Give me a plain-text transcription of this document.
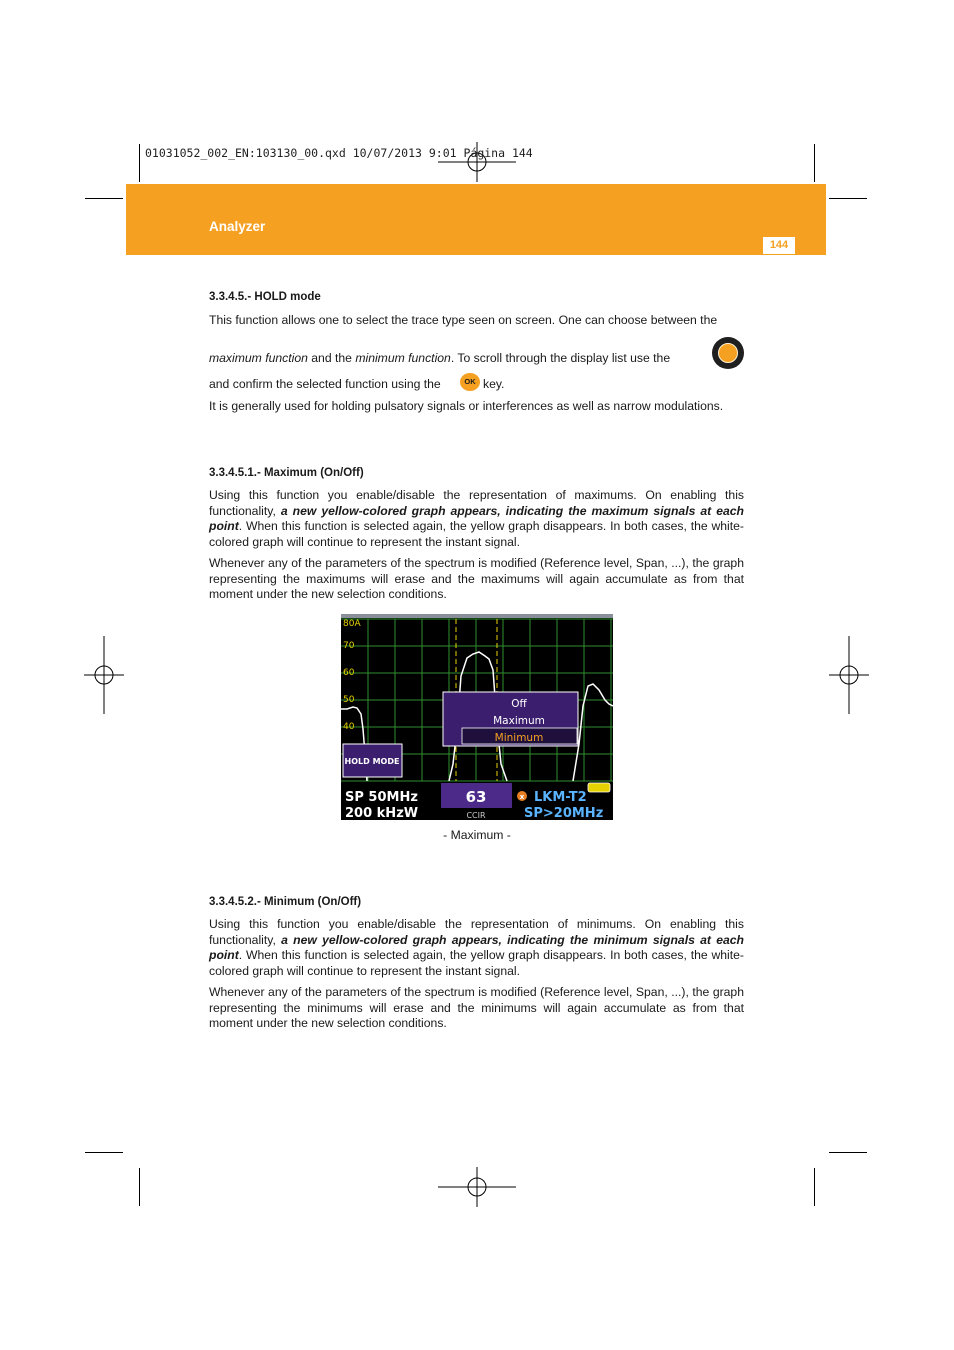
01031052_002_EN:103130_00.qxd 10/07/2013 9:01 Página 144
Analyzer
144
3.3.4.5.- HOLD mode
This function allows one to select the trace type seen on screen. One can choose between the
maximum function and the minimum function. To scroll through the display list use the
and confirm the selected function using the	OK key.
It is generally used for holding pulsatory signals or interferences as well as narrow modulations.
3.3.4.5.1.- Maximum (On/Off)

Using this function you enable/disable the representation of maximums. On enabling this functionality, a new yellow-colored graph appears, indicating the maximum signals at each point. When this function is selected again, the yellow graph disappears. In both cases, the white-colored graph will continue to represent the instant signal.

Whenever any of the parameters of the spectrum is modified (Reference level, Span, ...), the graph representing the maximums will erase and the maximums will again accumulate as from that moment under the new selection conditions.

80A
70
60
50
40
Off
Maximum
Minimum
HOLD MODE
SP 50MHz
200 kHzW
63
CCIR
x LKM-T2
SP>20MHz
- Maximum -
3.3.4.5.2.- Minimum (On/Off)

Using this function you enable/disable the representation of minimums. On enabling this functionality, a new yellow-colored graph appears, indicating the minimum signals at each point. When this function is selected again, the yellow graph disappears. In both cases, the white-colored graph will continue to represent the instant signal.

Whenever any of the parameters of the spectrum is modified (Reference level, Span, ...), the graph representing the minimums will erase and the minimums will again accumulate as from that moment under the new selection conditions.
